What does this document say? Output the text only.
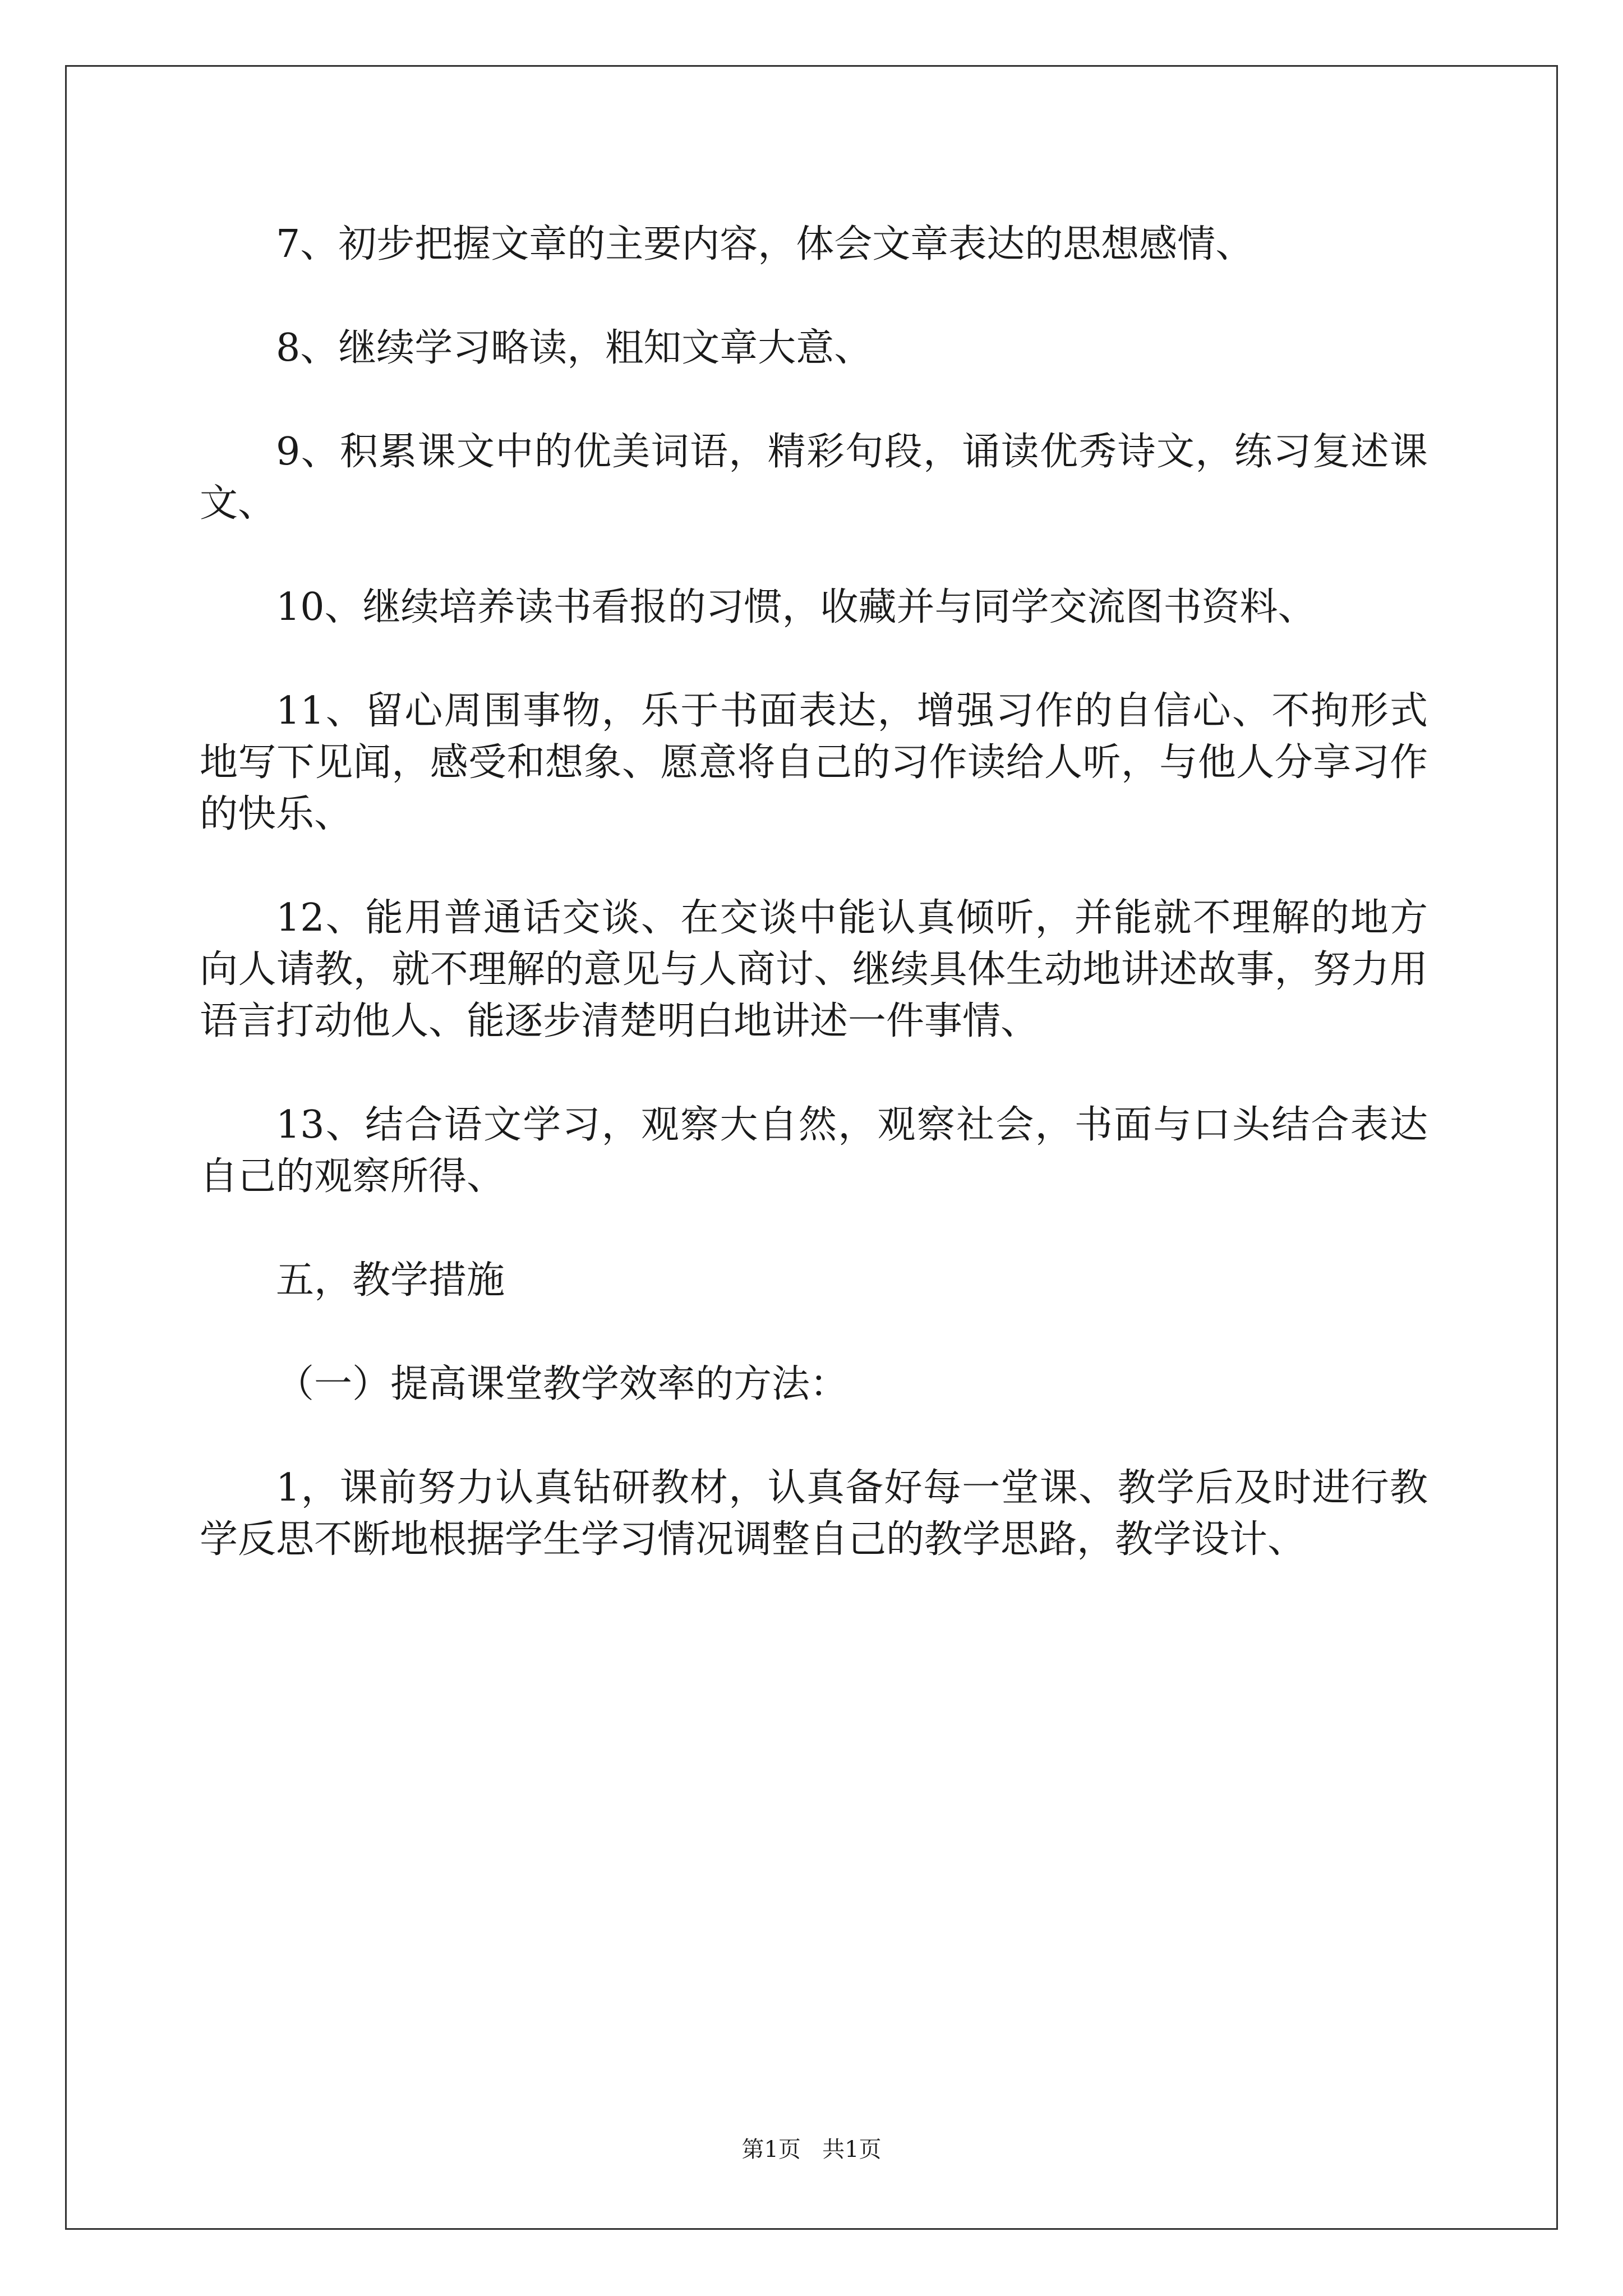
7、初步把握文章的主要内容，体会文章表达的思想感情、

8、继续学习略读，粗知文章大意、

9、积累课文中的优美词语，精彩句段，诵读优秀诗文，练习复述课文、

10、继续培养读书看报的习惯，收藏并与同学交流图书资料、

11、留心周围事物，乐于书面表达，增强习作的自信心、不拘形式地写下见闻，感受和想象、愿意将自己的习作读给人听，与他人分享习作的快乐、

12、能用普通话交谈、在交谈中能认真倾听，并能就不理解的地方向人请教，就不理解的意见与人商讨、继续具体生动地讲述故事，努力用语言打动他人、能逐步清楚明白地讲述一件事情、

13、结合语文学习，观察大自然，观察社会，书面与口头结合表达自己的观察所得、

五，教学措施

（一）提高课堂教学效率的方法：

1，课前努力认真钻研教材，认真备好每一堂课、教学后及时进行教学反思不断地根据学生学习情况调整自己的教学思路，教学设计、

第1页 共1页
